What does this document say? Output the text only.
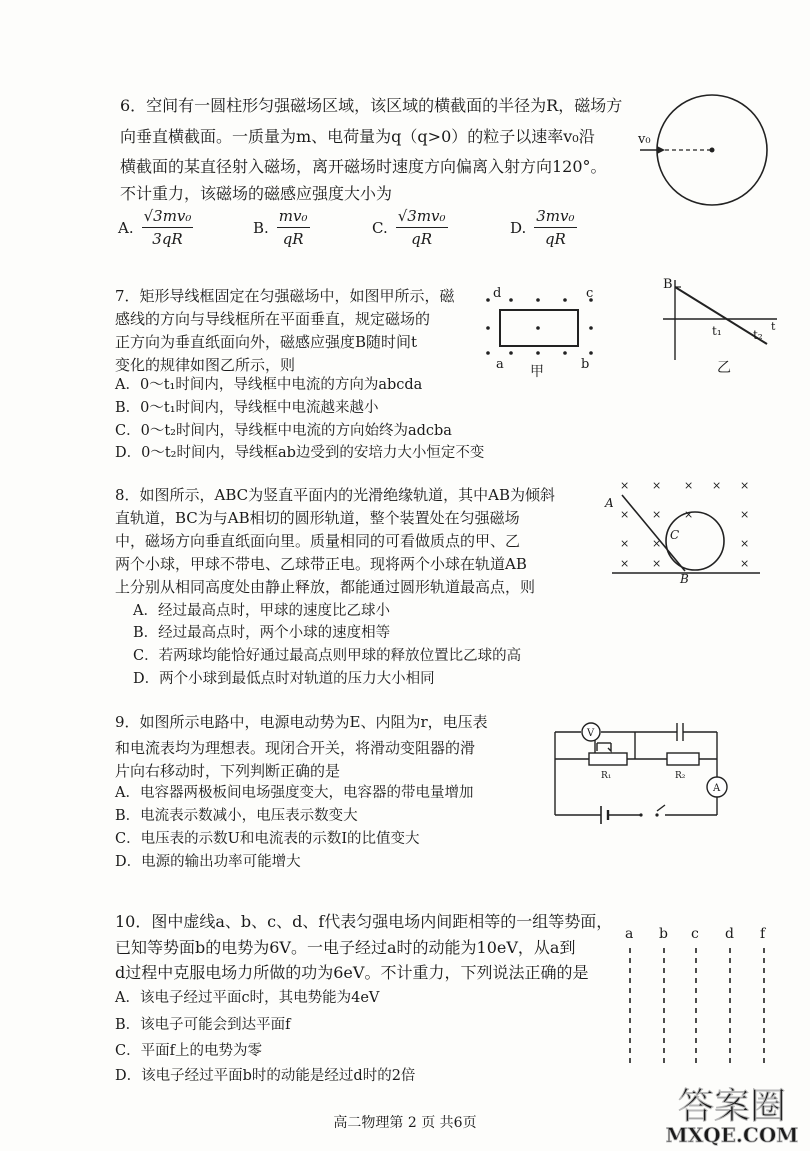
6．空间有一圆柱形匀强磁场区域，该区域的横截面的半径为R，磁场方
向垂直横截面。一质量为m、电荷量为q（q>0）的粒子以速率v₀沿
横截面的某直径射入磁场，离开磁场时速度方向偏离入射方向120°。
不计重力，该磁场的磁感应强度大小为
A. $\frac{\text{√3mv₀}}{3qR}$	B. $\frac{\text{mv₀}}{qR}$	C. $\frac{\text{√3mv₀}}{qR}$	D. $\frac{\text{3mv₀}}{qR}$
v₀
7．矩形导线框固定在匀强磁场中，如图甲所示，磁
感线的方向与导线框所在平面垂直，规定磁场的
正方向为垂直纸面向外，磁感应强度B随时间t
变化的规律如图乙所示，则
A．0～t₁时间内，导线框中电流的方向为abcda
B．0～t₁时间内，导线框中电流越来越小
C．0～t₂时间内，导线框中电流的方向始终为adcba
D．0～t₂时间内，导线框ab边受到的安培力大小恒定不变
d	c
a	b
甲
B
t₁	t₂
t
乙
8．如图所示，ABC为竖直平面内的光滑绝缘轨道，其中AB为倾斜
直轨道，BC为与AB相切的圆形轨道，整个装置处在匀强磁场
中，磁场方向垂直纸面向里。质量相同的可看做质点的甲、乙
两个小球，甲球不带电、乙球带正电。现将两个小球在轨道AB
上分别从相同高度处由静止释放，都能通过圆形轨道最高点，则
A．经过最高点时，甲球的速度比乙球小
B．经过最高点时，两个小球的速度相等
C．若两球均能恰好通过最高点则甲球的释放位置比乙球的高
D．两个小球到最低点时对轨道的压力大小相同
× × × × ×
× × ×	×
× ×	×
× ×	×
A
B
C
9．如图所示电路中，电源电动势为E、内阻为r，电压表
和电流表均为理想表。现闭合开关，将滑动变阻器的滑
片向右移动时，下列判断正确的是
A．电容器两极板间电场强度变大，电容器的带电量增加
B．电流表示数减小，电压表示数变大
C．电压表的示数U和电流表的示数I的比值变大
D．电源的输出功率可能增大
V
A
R₁	R₂
10．图中虚线a、b、c、d、f代表匀强电场内间距相等的一组等势面，
已知等势面b的电势为6V。一电子经过a时的动能为10eV，从a到
d过程中克服电场力所做的功为6eV。不计重力，下列说法正确的是
A．该电子经过平面c时，其电势能为4eV
B．该电子可能会到达平面f
C．平面f上的电势为零
D．该电子经过平面b时的动能是经过d时的2倍
a b c d f
高二物理第 2 页 共6页	答案圈
MXQE.COM
